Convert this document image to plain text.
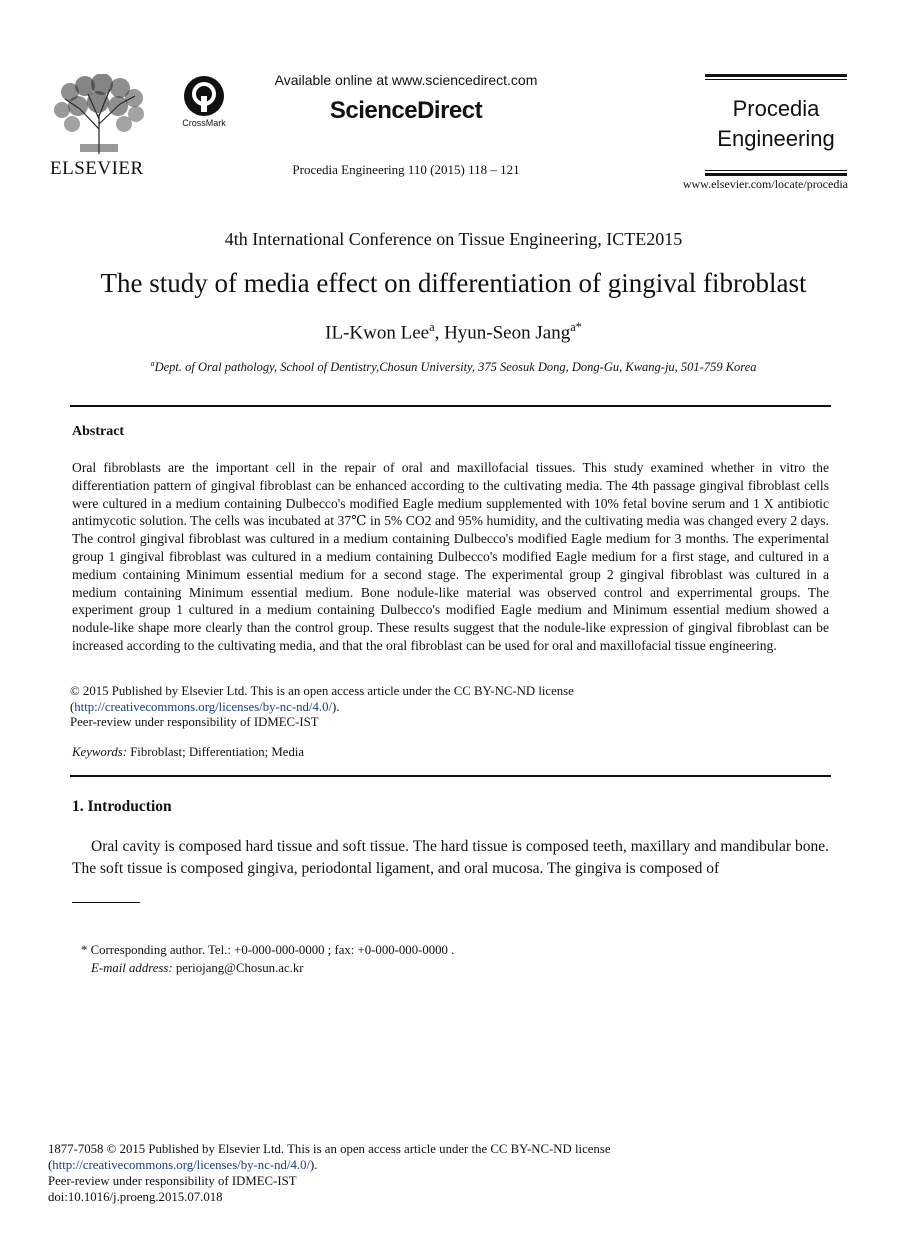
ELSEVIER
CrossMark
Available online at www.sciencedirect.com
ScienceDirect
Procedia Engineering 110 (2015) 118 – 121
Procedia
Engineering
www.elsevier.com/locate/procedia
4th International Conference on Tissue Engineering, ICTE2015
The study of media effect on differentiation of gingival fibroblast
IL-Kwon Lee$^a$, Hyun-Seon Jang$^{a*}$
$^a$Dept. of Oral pathology, School of Dentistry,Chosun University, 375 Seosuk Dong, Dong-Gu, Kwang-ju, 501-759 Korea
Abstract
Oral fibroblasts are the important cell in the repair of oral and maxillofacial tissues. This study examined whether in vitro the differentiation pattern of gingival fibroblast can be enhanced according to the cultivating media. The 4th passage gingival fibroblast cells were cultured in a medium containing Dulbecco's modified Eagle medium supplemented with 10% fetal bovine serum and 1 X antibiotic antimycotic solution. The cells was incubated at 37℃ in 5% CO2 and 95% humidity, and the cultivating media was changed every 2 days. The control gingival fibroblast was cultured in a medium containing Dulbecco's modified Eagle medium for 3 months. The experimental group 1 gingival fibroblast was cultured in a medium containing Dulbecco's modified Eagle medium for a first stage, and cultured in a medium containing Minimum essential medium for a second stage. The experimental group 2 gingival fibroblast was cultured in a medium containing Minimum essential medium. Bone nodule-like material was observed control and experrimental groups. The experiment group 1 cultured in a medium containing Dulbecco's modified Eagle medium and Minimum essential medium showed a nodule-like shape more clearly than the control group. These results suggest that the nodule-like expression of gingival fibroblast can be increased according to the cultivating media, and that the oral fibroblast can be used for oral and maxillofacial tissue engineering.
© 2015 Published by Elsevier Ltd. This is an open access article under the CC BY-NC-ND license
(http://creativecommons.org/licenses/by-nc-nd/4.0/).
Peer-review under responsibility of IDMEC-IST
Keywords: Fibroblast; Differentiation; Media
1. Introduction
Oral cavity is composed hard tissue and soft tissue. The hard tissue is composed teeth, maxillary and mandibular bone. The soft tissue is composed gingiva, periodontal ligament, and oral mucosa. The gingiva is composed of
* Corresponding author. Tel.: +0-000-000-0000 ; fax: +0-000-000-0000 .
E-mail address: periojang@Chosun.ac.kr
1877-7058 © 2015 Published by Elsevier Ltd. This is an open access article under the CC BY-NC-ND license
(http://creativecommons.org/licenses/by-nc-nd/4.0/).
Peer-review under responsibility of IDMEC-IST
doi:10.1016/j.proeng.2015.07.018
